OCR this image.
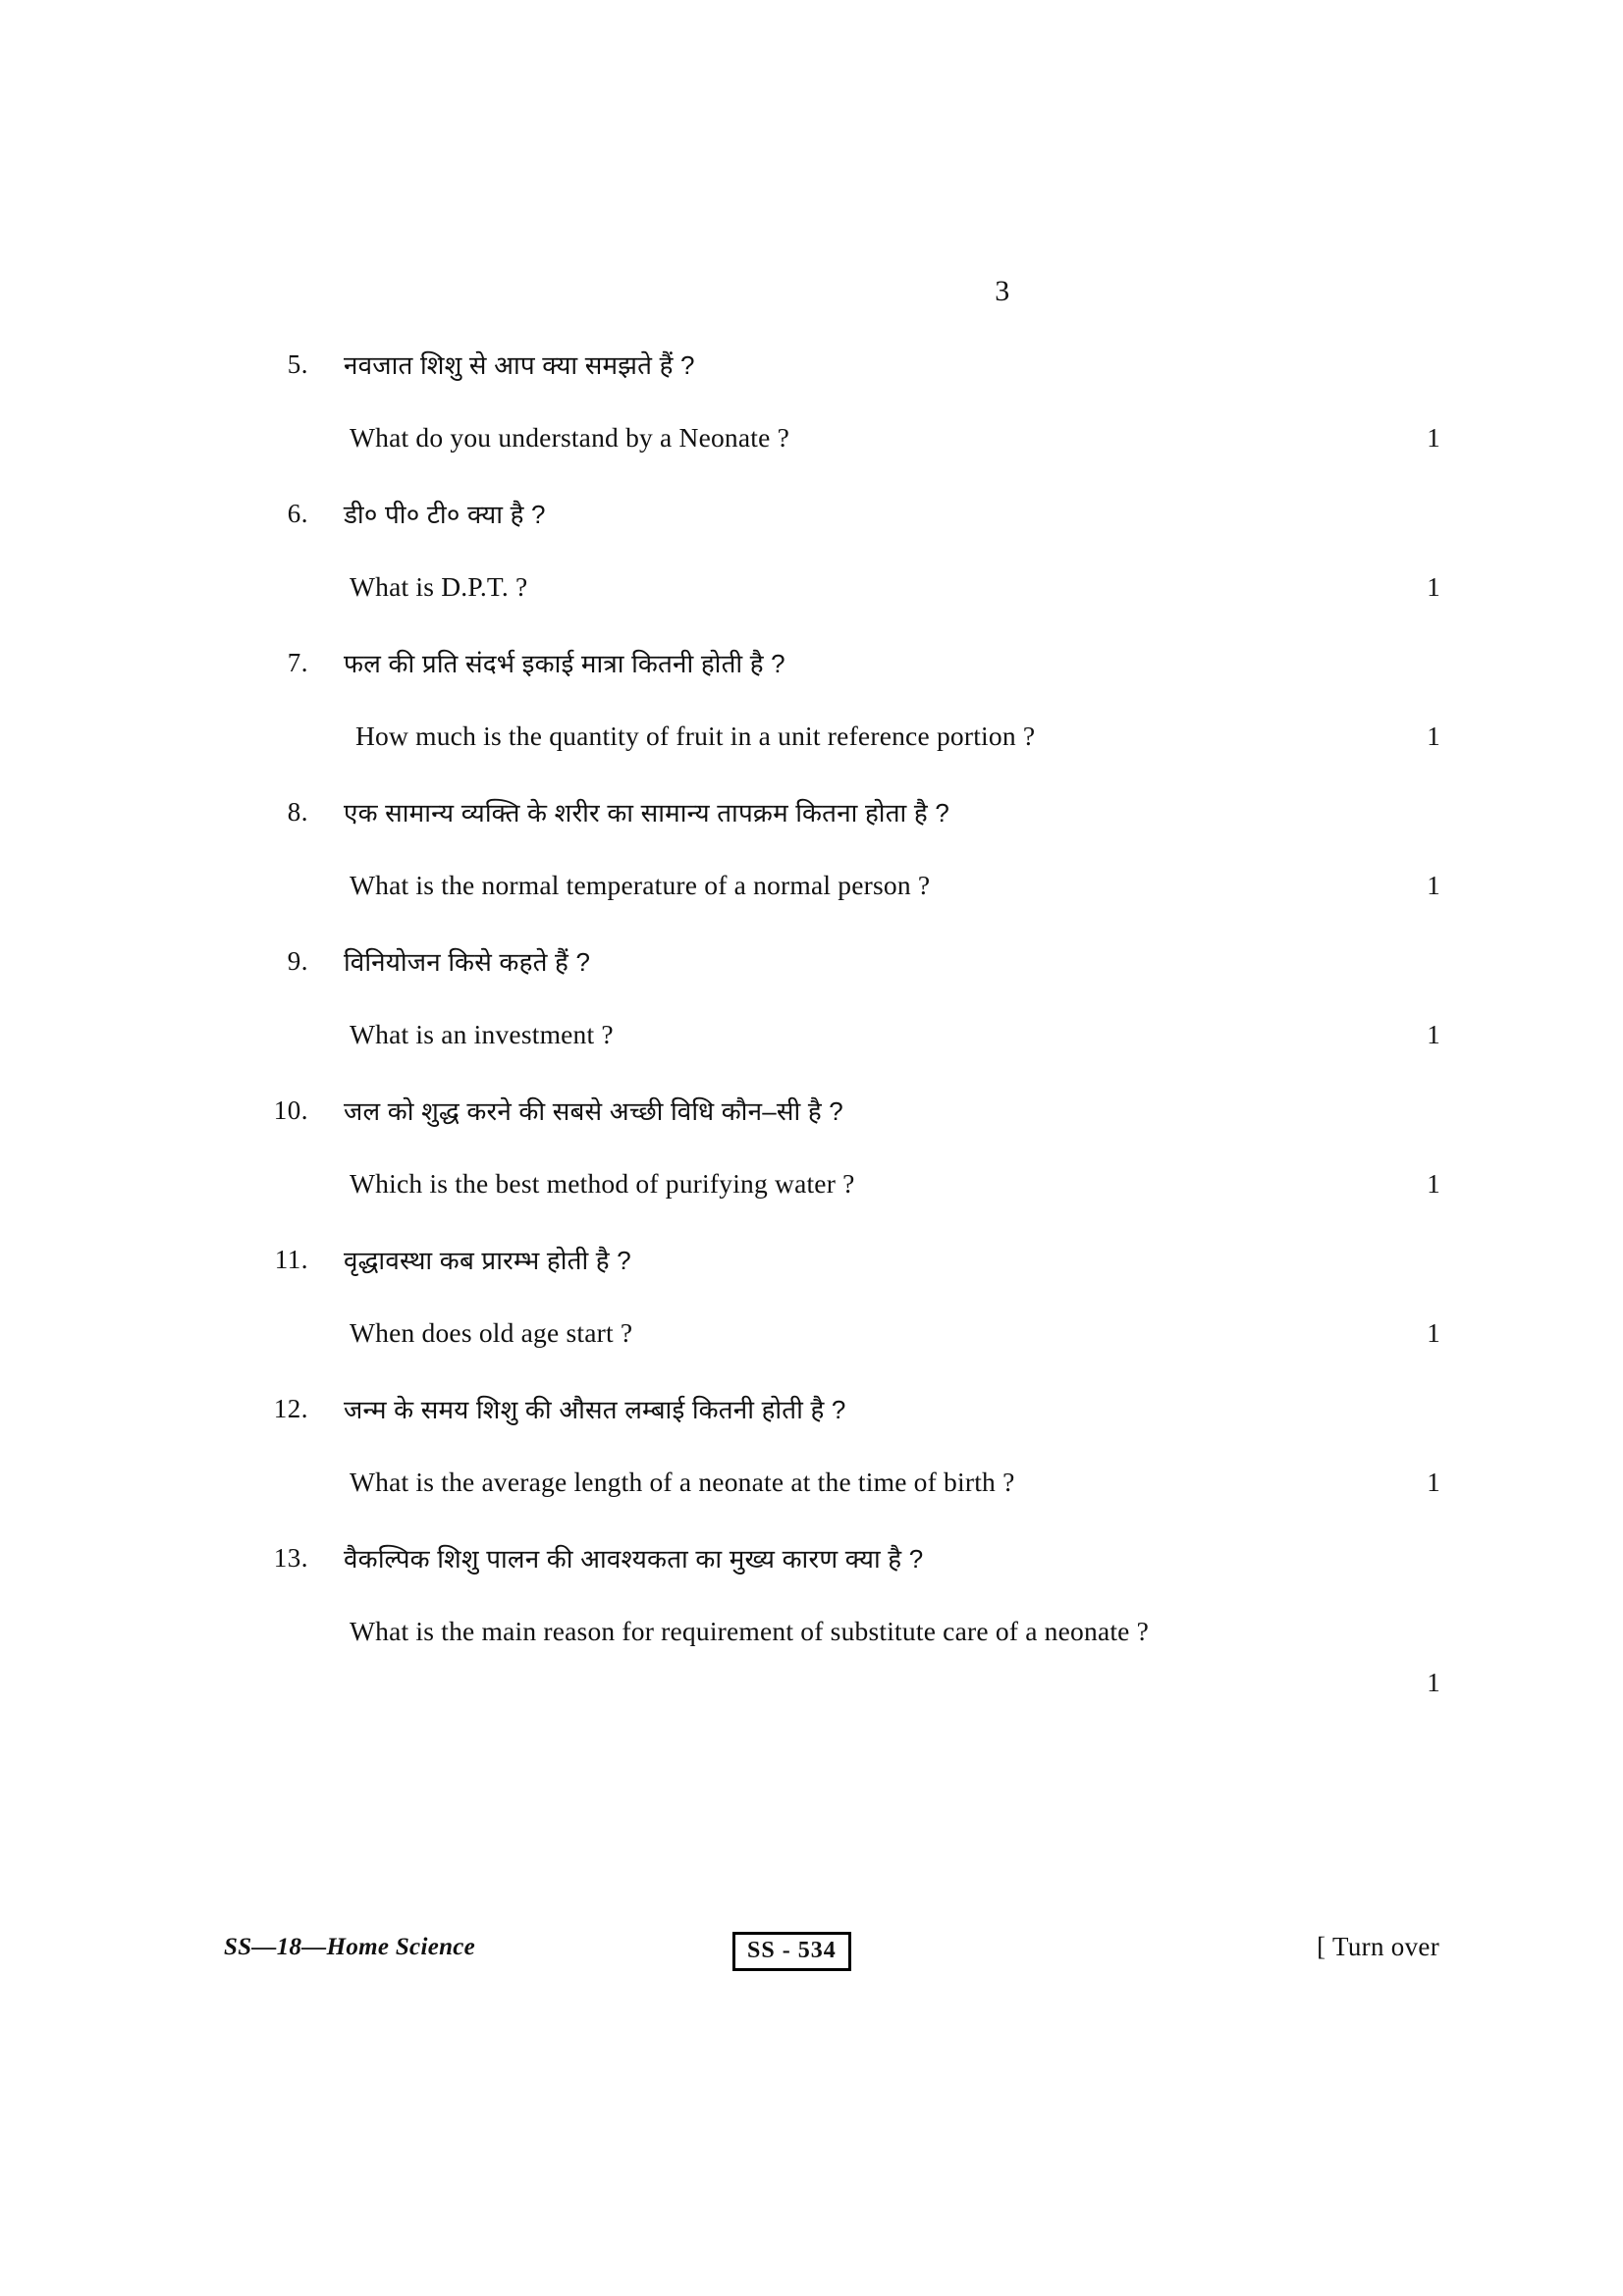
3
5. नवजात शिशु से आप क्या समझते हैं ?
What do you understand by a Neonate ?	1
6. डी० पी० टी० क्या है ?
What is D.P.T. ?	1
7. फल की प्रति संदर्भ इकाई मात्रा कितनी होती है ?
How much is the quantity of fruit in a unit reference portion ?	1
8. एक सामान्य व्यक्ति के शरीर का सामान्य तापक्रम कितना होता है ?
What is the normal temperature of a normal person ?	1
9. विनियोजन किसे कहते हैं ?
What is an investment ?	1
10. जल को शुद्ध करने की सबसे अच्छी विधि कौन–सी है ?
Which is the best method of purifying water ?	1
11. वृद्धावस्था कब प्रारम्भ होती है ?
When does old age start ?	1
12. जन्म के समय शिशु की औसत लम्बाई कितनी होती है ?
What is the average length of a neonate at the time of birth ?	1
13. वैकल्पिक शिशु पालन की आवश्यकता का मुख्य कारण क्या है ?
What is the main reason for requirement of substitute care of a neonate ?
1
SS—18—Home Science	SS - 534	[ Turn over
